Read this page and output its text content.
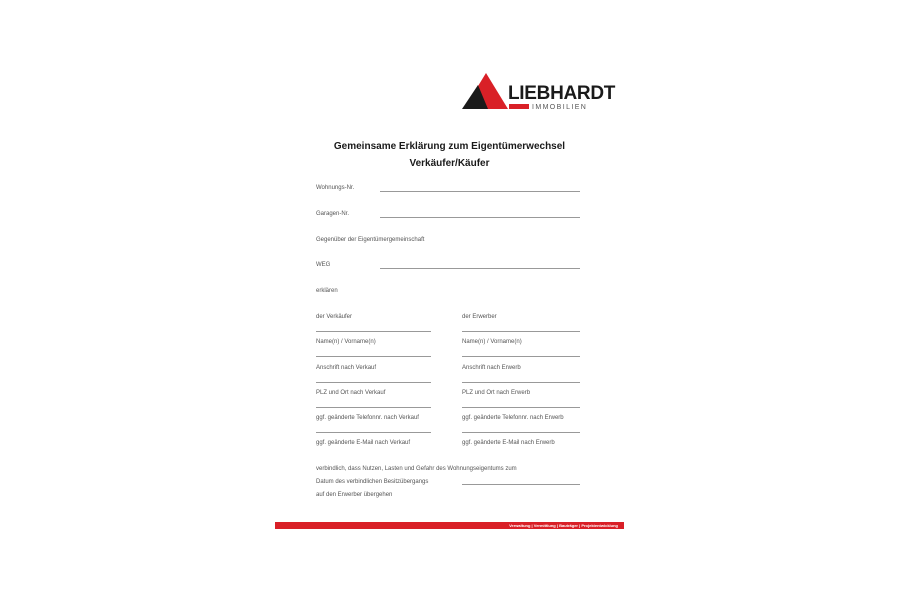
LIEBHARDT
IMMOBILIEN
Gemeinsame Erklärung zum Eigentümerwechsel
Verkäufer/Käufer
Wohnungs-Nr.
Garagen-Nr.
Gegenüber der Eigentümergemeinschaft
WEG
erklären
der Verkäufer
Name(n) / Vorname(n)
Anschrift nach Verkauf
PLZ und Ort nach Verkauf
ggf. geänderte Telefonnr. nach Verkauf
ggf. geänderte E-Mail nach Verkauf
der Erwerber
Name(n) / Vorname(n)
Anschrift nach Erwerb
PLZ und Ort nach Erwerb
ggf. geänderte Telefonnr. nach Erwerb
ggf. geänderte E-Mail nach Erwerb
verbindlich, dass Nutzen, Lasten und Gefahr des Wohnungseigentums zum
Datum des verbindlichen Besitzübergangs
auf den Erwerber übergehen
Verwaltung | Vermittlung | Bauträger | Projektentwicklung
